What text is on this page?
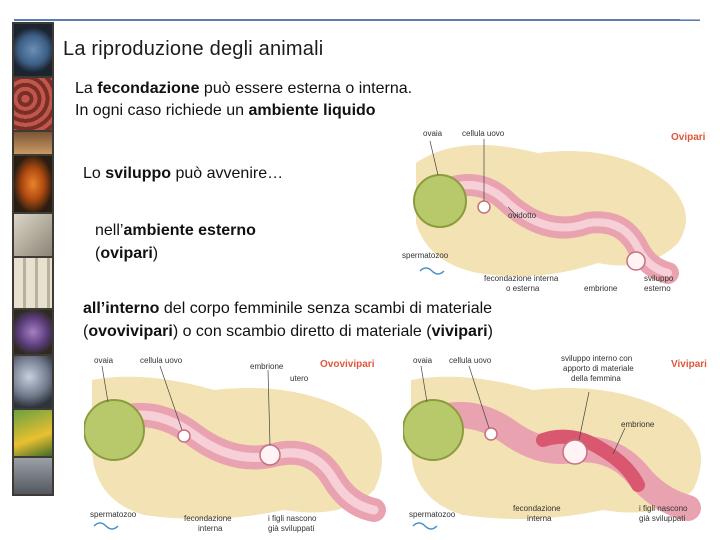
La riproduzione degli animali
La fecondazione può essere esterna o interna.
In ogni caso richiede un ambiente liquido
Lo sviluppo può avvenire…
nell’ambiente esterno
(ovipari)
ovaia cellula uovo	Ovipari
ovidotto
spermatozoo
fecondazione interna
o esterna	embrione
sviluppo
esterno
all’interno del corpo femminile senza scambi di materiale
(ovovivipari) o con scambio diretto di materiale (vivipari)
ovaia	cellula uovo
embrione	Ovovivipari
utero
spermatozoo	fecondazione
interna
i figli nascono
già sviluppati
ovaia cellula uovo	sviluppo interno con
apporto di materiale
della femmina
Vivipari
embrione
spermatozoo
fecondazione
interna
i figli nascono
già sviluppati
